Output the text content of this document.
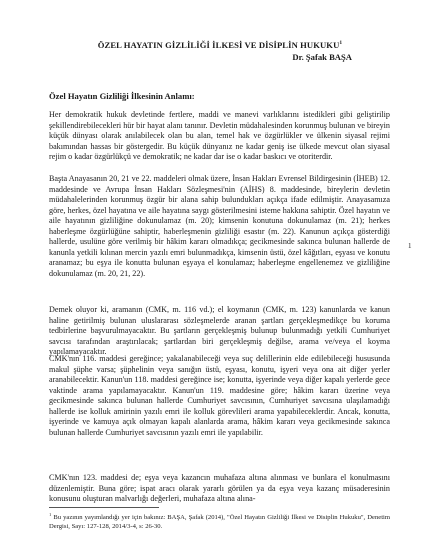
ÖZEL HAYATIN GİZLİLİĞİ İLKESİ VE DİSİPLİN HUKUKU$^1$
Dr. Şafak BAŞA
Özel Hayatın Gizliliği İlkesinin Anlamı:

Her demokratik hukuk devletinde fertlere, maddi ve manevi varlıklarını istedikleri gibi geliştirilip şekillendirebilecekleri hür bir hayat alanı tanınır. Devletin müdahalesinden korunmuş bulunan ve bireyin küçük dünyası olarak anılabilecek olan bu alan, temel hak ve özgürlükler ve ülkenin siyasal rejimi bakımından hassas bir göstergedir. Bu küçük dünyanız ne kadar geniş ise ülkede mevcut olan siyasal rejim o kadar özgürlükçü ve demokratik; ne kadar dar ise o kadar baskıcı ve otoriterdir.

Başta Anayasanın 20, 21 ve 22. maddeleri olmak üzere, İnsan Hakları Evrensel Bildirgesinin (İHEB) 12. maddesinde ve Avrupa İnsan Hakları Sözleşmesi'nin (AİHS) 8. maddesinde, bireylerin devletin müdahalelerinden korunmuş özgür bir alana sahip bulundukları açıkça ifade edilmiştir. Anayasamıza göre, herkes, özel hayatına ve aile hayatına saygı gösterilmesini isteme hakkına sahiptir. Özel hayatın ve aile hayatının gizliliğine dokunulamaz (m. 20); kimsenin konutuna dokunulamaz (m. 21); herkes haberleşme özgürlüğüne sahiptir, haberleşmenin gizliliği esastır (m. 22). Kanunun açıkça gösterdiği hallerde, usulüne göre verilmiş bir hâkim kararı olmadıkça; gecikmesinde sakınca bulunan hallerde de kanunla yetkili kılınan mercin yazılı emri bulunmadıkça, kimsenin üstü, özel kâğıtları, eşyası ve konutu aranamaz; bu eşya ile konutta bulunan eşyaya el konulamaz; haberleşme engellenemez ve gizliliğine dokunulamaz (m. 20, 21, 22).

Demek oluyor ki, aramanın (CMK, m. 116 vd.); el koymanın (CMK, m. 123) kanunlarda ve kanun haline getirilmiş bulunan uluslararası sözleşmelerde aranan şartları gerçekleşmedikçe bu koruma tedbirlerine başvurulmayacaktır. Bu şartların gerçekleşmiş bulunup bulunmadığı yetkili Cumhuriyet savcısı tarafından araştırılacak; şartlardan biri gerçekleşmiş değilse, arama ve/veya el koyma yapılamayacaktır.

CMK'nın 116. maddesi gereğince; yakalanabileceği veya suç delillerinin elde edilebileceği hususunda makul şüphe varsa; şüphelinin veya sanığın üstü, eşyası, konutu, işyeri veya ona ait diğer yerler aranabilecektir. Kanun'un 118. maddesi gereğince ise; konutta, işyerinde veya diğer kapalı yerlerde gece vaktinde arama yapılamayacaktır. Kanun'un 119. maddesine göre; hâkim kararı üzerine veya gecikmesinde sakınca bulunan hallerde Cumhuriyet savcısının, Cumhuriyet savcısına ulaşılamadığı hallerde ise kolluk amirinin yazılı emri ile kolluk görevlileri arama yapabileceklerdir. Ancak, konutta, işyerinde ve kamuya açık olmayan kapalı alanlarda arama, hâkim kararı veya gecikmesinde sakınca bulunan hallerde Cumhuriyet savcısının yazılı emri ile yapılabilir.

CMK'nın 123. maddesi de; eşya veya kazancın muhafaza altına alınması ve bunlara el konulmasını düzenlemiştir. Buna göre; ispat aracı olarak yararlı görülen ya da eşya veya kazanç müsaderesinin konusunu oluşturan malvarlığı değerleri, muhafaza altına alına-

1

$^1$ Bu yazının yayımlandığı yer için bakınız: BAŞA, Şafak (2014), "Özel Hayatın Gizliliği İlkesi ve Disiplin Hukuku", Denetim Dergisi, Sayı: 127-128, 2014/3-4, s: 26-30.
